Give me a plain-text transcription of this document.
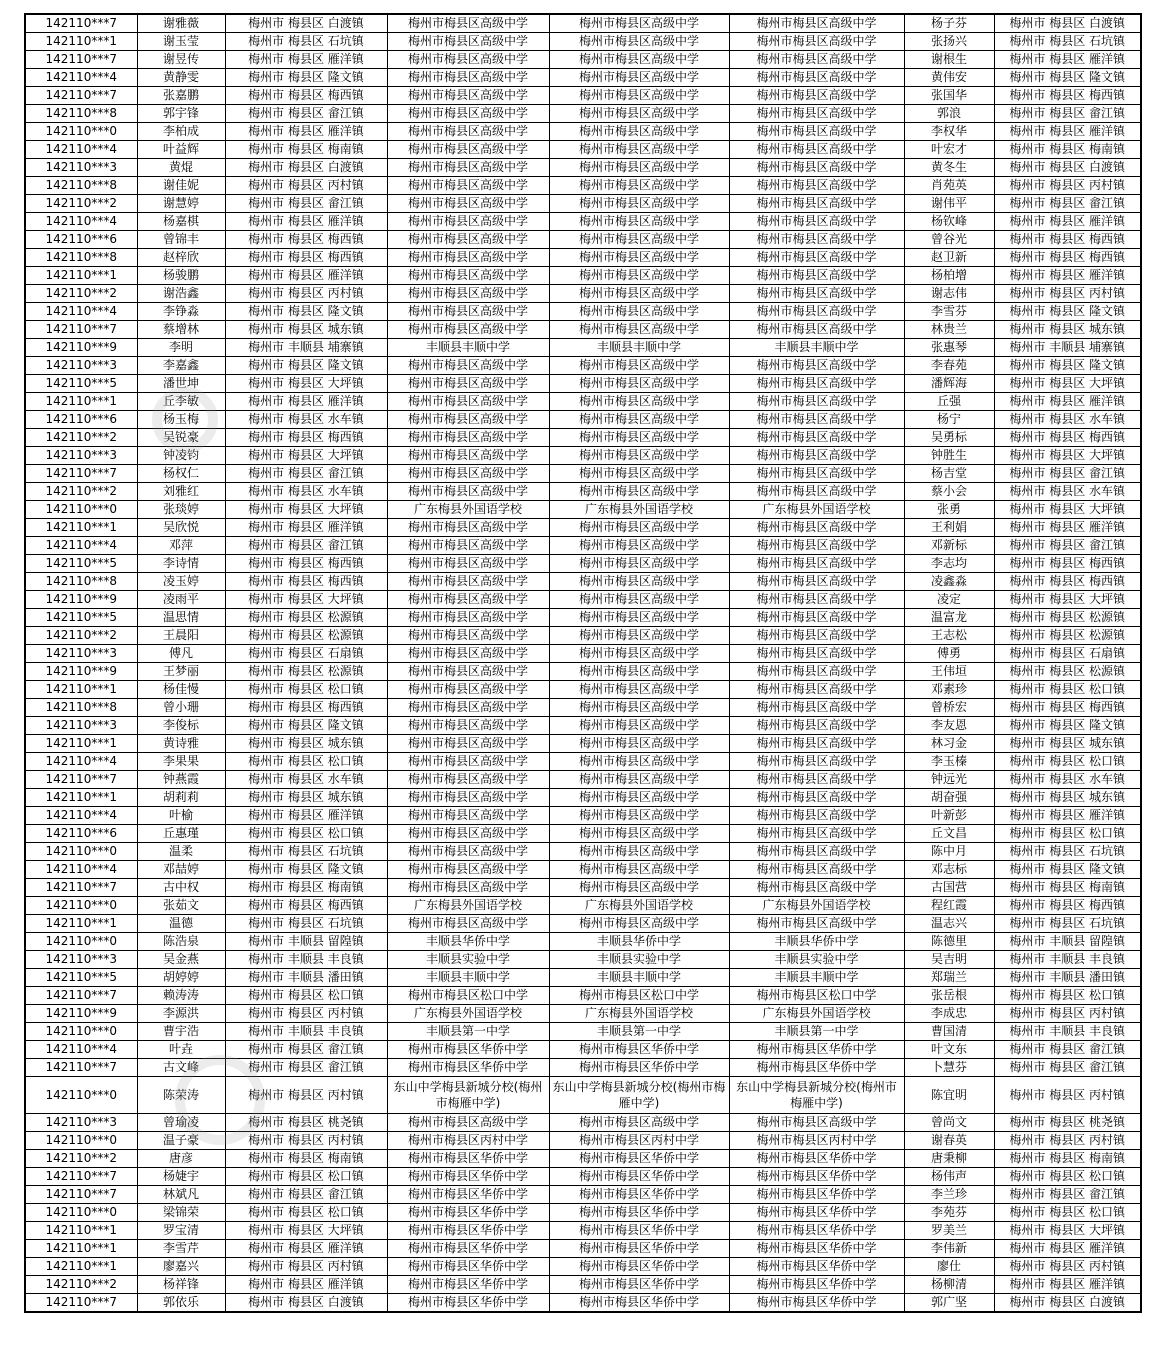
142110***7	谢雅薇	梅州市 梅县区 白渡镇	梅州市梅县区高级中学	梅州市梅县区高级中学	梅州市梅县区高级中学	杨子芬	梅州市 梅县区 白渡镇
142110***1	谢玉莹	梅州市 梅县区 石坑镇	梅州市梅县区高级中学	梅州市梅县区高级中学	梅州市梅县区高级中学	张扬兴	梅州市 梅县区 石坑镇
142110***7	谢昱传	梅州市 梅县区 雁洋镇	梅州市梅县区高级中学	梅州市梅县区高级中学	梅州市梅县区高级中学	谢根生	梅州市 梅县区 雁洋镇
142110***4	黄静雯	梅州市 梅县区 隆文镇	梅州市梅县区高级中学	梅州市梅县区高级中学	梅州市梅县区高级中学	黄伟安	梅州市 梅县区 隆文镇
142110***7	张嘉鹏	梅州市 梅县区 梅西镇	梅州市梅县区高级中学	梅州市梅县区高级中学	梅州市梅县区高级中学	张国华	梅州市 梅县区 梅西镇
142110***8	郭宇锋	梅州市 梅县区 畲江镇	梅州市梅县区高级中学	梅州市梅县区高级中学	梅州市梅县区高级中学	郭浪	梅州市 梅县区 畲江镇
142110***0	李柏成	梅州市 梅县区 雁洋镇	梅州市梅县区高级中学	梅州市梅县区高级中学	梅州市梅县区高级中学	李权华	梅州市 梅县区 雁洋镇
142110***4	叶益辉	梅州市 梅县区 梅南镇	梅州市梅县区高级中学	梅州市梅县区高级中学	梅州市梅县区高级中学	叶宏才	梅州市 梅县区 梅南镇
142110***3	黄焜	梅州市 梅县区 白渡镇	梅州市梅县区高级中学	梅州市梅县区高级中学	梅州市梅县区高级中学	黄冬生	梅州市 梅县区 白渡镇
142110***8	谢佳妮	梅州市 梅县区 丙村镇	梅州市梅县区高级中学	梅州市梅县区高级中学	梅州市梅县区高级中学	肖苑英	梅州市 梅县区 丙村镇
142110***2	谢慧婷	梅州市 梅县区 畲江镇	梅州市梅县区高级中学	梅州市梅县区高级中学	梅州市梅县区高级中学	谢伟平	梅州市 梅县区 畲江镇
142110***4	杨嘉棋	梅州市 梅县区 雁洋镇	梅州市梅县区高级中学	梅州市梅县区高级中学	梅州市梅县区高级中学	杨钦峰	梅州市 梅县区 雁洋镇
142110***6	曾锦丰	梅州市 梅县区 梅西镇	梅州市梅县区高级中学	梅州市梅县区高级中学	梅州市梅县区高级中学	曾谷光	梅州市 梅县区 梅西镇
142110***8	赵梓欣	梅州市 梅县区 梅西镇	梅州市梅县区高级中学	梅州市梅县区高级中学	梅州市梅县区高级中学	赵卫新	梅州市 梅县区 梅西镇
142110***1	杨骏鹏	梅州市 梅县区 雁洋镇	梅州市梅县区高级中学	梅州市梅县区高级中学	梅州市梅县区高级中学	杨柏增	梅州市 梅县区 雁洋镇
142110***2	谢浩鑫	梅州市 梅县区 丙村镇	梅州市梅县区高级中学	梅州市梅县区高级中学	梅州市梅县区高级中学	谢志伟	梅州市 梅县区 丙村镇
142110***4	李铮淼	梅州市 梅县区 隆文镇	梅州市梅县区高级中学	梅州市梅县区高级中学	梅州市梅县区高级中学	李雪芬	梅州市 梅县区 隆文镇
142110***7	蔡增林	梅州市 梅县区 城东镇	梅州市梅县区高级中学	梅州市梅县区高级中学	梅州市梅县区高级中学	林贵兰	梅州市 梅县区 城东镇
142110***9	李明	梅州市 丰顺县 埔寨镇	丰顺县丰顺中学	丰顺县丰顺中学	丰顺县丰顺中学	张惠琴	梅州市 丰顺县 埔寨镇
142110***3	李嘉鑫	梅州市 梅县区 隆文镇	梅州市梅县区高级中学	梅州市梅县区高级中学	梅州市梅县区高级中学	李春苑	梅州市 梅县区 隆文镇
142110***5	潘世坤	梅州市 梅县区 大坪镇	梅州市梅县区高级中学	梅州市梅县区高级中学	梅州市梅县区高级中学	潘辉海	梅州市 梅县区 大坪镇
142110***1	丘李敏	梅州市 梅县区 雁洋镇	梅州市梅县区高级中学	梅州市梅县区高级中学	梅州市梅县区高级中学	丘强	梅州市 梅县区 雁洋镇
142110***6	杨玉梅	梅州市 梅县区 水车镇	梅州市梅县区高级中学	梅州市梅县区高级中学	梅州市梅县区高级中学	杨宁	梅州市 梅县区 水车镇
142110***2	吴锐豪	梅州市 梅县区 梅西镇	梅州市梅县区高级中学	梅州市梅县区高级中学	梅州市梅县区高级中学	吴勇标	梅州市 梅县区 梅西镇
142110***3	钟凌钧	梅州市 梅县区 大坪镇	梅州市梅县区高级中学	梅州市梅县区高级中学	梅州市梅县区高级中学	钟胜生	梅州市 梅县区 大坪镇
142110***7	杨权仁	梅州市 梅县区 畲江镇	梅州市梅县区高级中学	梅州市梅县区高级中学	梅州市梅县区高级中学	杨吉堂	梅州市 梅县区 畲江镇
142110***2	刘雅红	梅州市 梅县区 水车镇	梅州市梅县区高级中学	梅州市梅县区高级中学	梅州市梅县区高级中学	蔡小会	梅州市 梅县区 水车镇
142110***0	张琰婷	梅州市 梅县区 大坪镇	广东梅县外国语学校	广东梅县外国语学校	广东梅县外国语学校	张勇	梅州市 梅县区 大坪镇
142110***1	吴欣悦	梅州市 梅县区 雁洋镇	梅州市梅县区高级中学	梅州市梅县区高级中学	梅州市梅县区高级中学	王利娟	梅州市 梅县区 雁洋镇
142110***4	邓萍	梅州市 梅县区 畲江镇	梅州市梅县区高级中学	梅州市梅县区高级中学	梅州市梅县区高级中学	邓新标	梅州市 梅县区 畲江镇
142110***5	李诗情	梅州市 梅县区 梅西镇	梅州市梅县区高级中学	梅州市梅县区高级中学	梅州市梅县区高级中学	李志均	梅州市 梅县区 梅西镇
142110***8	凌玉婷	梅州市 梅县区 梅西镇	梅州市梅县区高级中学	梅州市梅县区高级中学	梅州市梅县区高级中学	凌鑫淼	梅州市 梅县区 梅西镇
142110***9	凌雨平	梅州市 梅县区 大坪镇	梅州市梅县区高级中学	梅州市梅县区高级中学	梅州市梅县区高级中学	凌定	梅州市 梅县区 大坪镇
142110***5	温思情	梅州市 梅县区 松源镇	梅州市梅县区高级中学	梅州市梅县区高级中学	梅州市梅县区高级中学	温富龙	梅州市 梅县区 松源镇
142110***2	王晨阳	梅州市 梅县区 松源镇	梅州市梅县区高级中学	梅州市梅县区高级中学	梅州市梅县区高级中学	王志松	梅州市 梅县区 松源镇
142110***3	傅凡	梅州市 梅县区 石扇镇	梅州市梅县区高级中学	梅州市梅县区高级中学	梅州市梅县区高级中学	傅勇	梅州市 梅县区 石扇镇
142110***9	王梦丽	梅州市 梅县区 松源镇	梅州市梅县区高级中学	梅州市梅县区高级中学	梅州市梅县区高级中学	王伟垣	梅州市 梅县区 松源镇
142110***1	杨佳慢	梅州市 梅县区 松口镇	梅州市梅县区高级中学	梅州市梅县区高级中学	梅州市梅县区高级中学	邓素珍	梅州市 梅县区 松口镇
142110***8	曾小珊	梅州市 梅县区 梅西镇	梅州市梅县区高级中学	梅州市梅县区高级中学	梅州市梅县区高级中学	曾桥宏	梅州市 梅县区 梅西镇
142110***3	李俊标	梅州市 梅县区 隆文镇	梅州市梅县区高级中学	梅州市梅县区高级中学	梅州市梅县区高级中学	李友恩	梅州市 梅县区 隆文镇
142110***1	黄诗雅	梅州市 梅县区 城东镇	梅州市梅县区高级中学	梅州市梅县区高级中学	梅州市梅县区高级中学	林习金	梅州市 梅县区 城东镇
142110***4	李果果	梅州市 梅县区 松口镇	梅州市梅县区高级中学	梅州市梅县区高级中学	梅州市梅县区高级中学	李玉榛	梅州市 梅县区 松口镇
142110***7	钟燕霞	梅州市 梅县区 水车镇	梅州市梅县区高级中学	梅州市梅县区高级中学	梅州市梅县区高级中学	钟远光	梅州市 梅县区 水车镇
142110***1	胡莉莉	梅州市 梅县区 城东镇	梅州市梅县区高级中学	梅州市梅县区高级中学	梅州市梅县区高级中学	胡奋强	梅州市 梅县区 城东镇
142110***4	叶榆	梅州市 梅县区 雁洋镇	梅州市梅县区高级中学	梅州市梅县区高级中学	梅州市梅县区高级中学	叶新彭	梅州市 梅县区 雁洋镇
142110***6	丘惠瑾	梅州市 梅县区 松口镇	梅州市梅县区高级中学	梅州市梅县区高级中学	梅州市梅县区高级中学	丘文昌	梅州市 梅县区 松口镇
142110***0	温柔	梅州市 梅县区 石坑镇	梅州市梅县区高级中学	梅州市梅县区高级中学	梅州市梅县区高级中学	陈中月	梅州市 梅县区 石坑镇
142110***4	邓喆婷	梅州市 梅县区 隆文镇	梅州市梅县区高级中学	梅州市梅县区高级中学	梅州市梅县区高级中学	邓志标	梅州市 梅县区 隆文镇
142110***7	古中权	梅州市 梅县区 梅南镇	梅州市梅县区高级中学	梅州市梅县区高级中学	梅州市梅县区高级中学	古国营	梅州市 梅县区 梅南镇
142110***0	张茹文	梅州市 梅县区 梅西镇	广东梅县外国语学校	广东梅县外国语学校	广东梅县外国语学校	程红霞	梅州市 梅县区 梅西镇
142110***1	温德	梅州市 梅县区 石坑镇	梅州市梅县区高级中学	梅州市梅县区高级中学	梅州市梅县区高级中学	温志兴	梅州市 梅县区 石坑镇
142110***0	陈浩泉	梅州市 丰顺县 留隍镇	丰顺县华侨中学	丰顺县华侨中学	丰顺县华侨中学	陈德里	梅州市 丰顺县 留隍镇
142110***3	吴金燕	梅州市 丰顺县 丰良镇	丰顺县实验中学	丰顺县实验中学	丰顺县实验中学	吴吉明	梅州市 丰顺县 丰良镇
142110***5	胡婷婷	梅州市 丰顺县 潘田镇	丰顺县丰顺中学	丰顺县丰顺中学	丰顺县丰顺中学	郑瑞兰	梅州市 丰顺县 潘田镇
142110***7	赖涛涛	梅州市 梅县区 松口镇	梅州市梅县区松口中学	梅州市梅县区松口中学	梅州市梅县区松口中学	张岳根	梅州市 梅县区 松口镇
142110***9	李源洪	梅州市 梅县区 丙村镇	广东梅县外国语学校	广东梅县外国语学校	广东梅县外国语学校	李成忠	梅州市 梅县区 丙村镇
142110***0	曹宇浩	梅州市 丰顺县 丰良镇	丰顺县第一中学	丰顺县第一中学	丰顺县第一中学	曹国清	梅州市 丰顺县 丰良镇
142110***4	叶垚	梅州市 梅县区 畲江镇	梅州市梅县区华侨中学	梅州市梅县区华侨中学	梅州市梅县区华侨中学	叶文东	梅州市 梅县区 畲江镇
142110***7	古文峰	梅州市 梅县区 畲江镇	梅州市梅县区华侨中学	梅州市梅县区华侨中学	梅州市梅县区华侨中学	卜慧芬	梅州市 梅县区 畲江镇
142110***0	陈荣涛	梅州市 梅县区 丙村镇	东山中学梅县新城分校(梅州市梅雁中学)	东山中学梅县新城分校(梅州市梅雁中学)	东山中学梅县新城分校(梅州市梅雁中学)	陈宜明	梅州市 梅县区 丙村镇
142110***3	曾瑜凌	梅州市 梅县区 桃尧镇	梅州市梅县区高级中学	梅州市梅县区高级中学	梅州市梅县区高级中学	曾尚文	梅州市 梅县区 桃尧镇
142110***0	温子豪	梅州市 梅县区 丙村镇	梅州市梅县区丙村中学	梅州市梅县区丙村中学	梅州市梅县区丙村中学	谢春英	梅州市 梅县区 丙村镇
142110***2	唐彦	梅州市 梅县区 梅南镇	梅州市梅县区华侨中学	梅州市梅县区华侨中学	梅州市梅县区华侨中学	唐秉柳	梅州市 梅县区 梅南镇
142110***7	杨婕宇	梅州市 梅县区 松口镇	梅州市梅县区华侨中学	梅州市梅县区华侨中学	梅州市梅县区华侨中学	杨伟声	梅州市 梅县区 松口镇
142110***7	林斌凡	梅州市 梅县区 畲江镇	梅州市梅县区华侨中学	梅州市梅县区华侨中学	梅州市梅县区华侨中学	李兰珍	梅州市 梅县区 畲江镇
142110***0	梁锦荣	梅州市 梅县区 松口镇	梅州市梅县区华侨中学	梅州市梅县区华侨中学	梅州市梅县区华侨中学	李苑芬	梅州市 梅县区 松口镇
142110***1	罗宝清	梅州市 梅县区 大坪镇	梅州市梅县区华侨中学	梅州市梅县区华侨中学	梅州市梅县区华侨中学	罗美兰	梅州市 梅县区 大坪镇
142110***1	李雪芹	梅州市 梅县区 雁洋镇	梅州市梅县区华侨中学	梅州市梅县区华侨中学	梅州市梅县区华侨中学	李伟新	梅州市 梅县区 雁洋镇
142110***1	廖嘉兴	梅州市 梅县区 丙村镇	梅州市梅县区华侨中学	梅州市梅县区华侨中学	梅州市梅县区华侨中学	廖仕	梅州市 梅县区 丙村镇
142110***2	杨祥锋	梅州市 梅县区 雁洋镇	梅州市梅县区华侨中学	梅州市梅县区华侨中学	梅州市梅县区华侨中学	杨柳清	梅州市 梅县区 雁洋镇
142110***7	郭依乐	梅州市 梅县区 白渡镇	梅州市梅县区华侨中学	梅州市梅县区华侨中学	梅州市梅县区华侨中学	郭广坚	梅州市 梅县区 白渡镇
